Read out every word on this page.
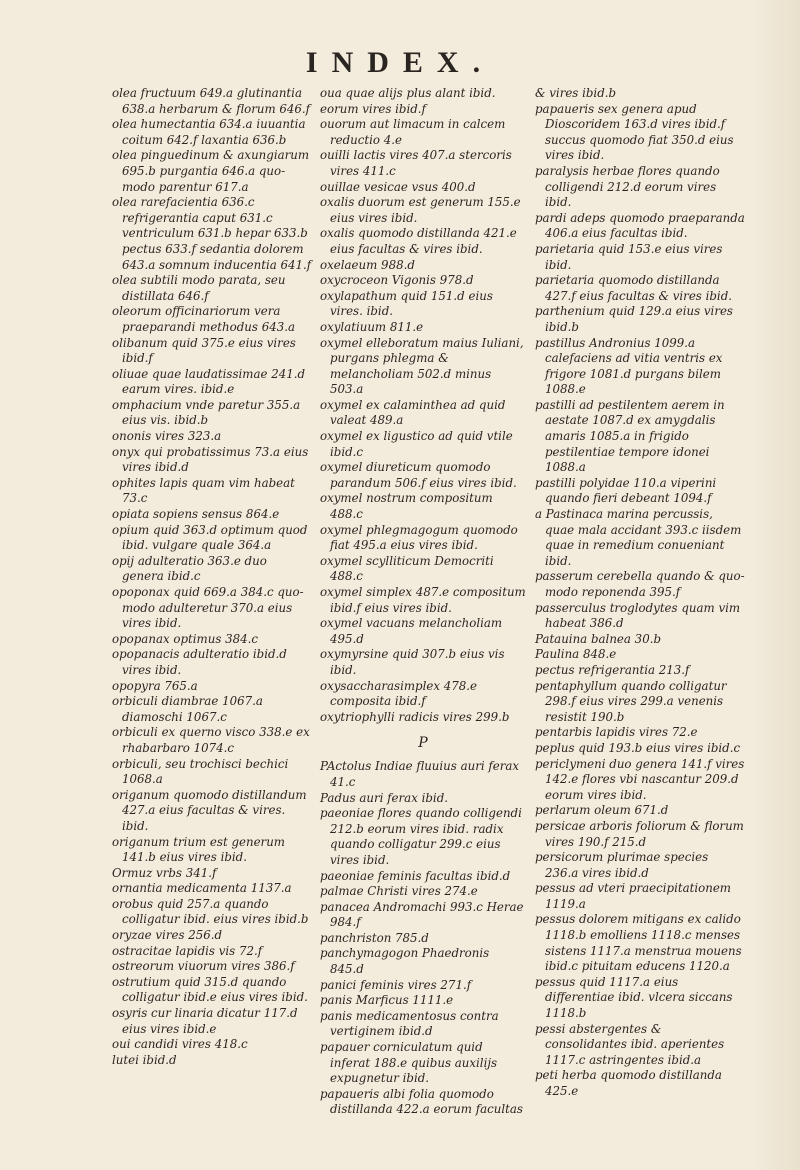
INDEX.
olea fructuum 649.a glutinantia 638.a herbarum & florum 646.f
olea humectantia 634.a iuuantia coitum 642.f laxantia 636.b
olea pinguedinum & axungiarum 695.b purgantia 646.a quo-modo parentur 617.a
olea rarefacientia 636.c refrigerantia caput 631.c ventriculum 631.b hepar 633.b pectus 633.f sedantia dolorem 643.a somnum inducentia 641.f
olea subtili modo parata, seu distillata 646.f
oleorum officinariorum vera praeparandi methodus 643.a
olibanum quid 375.e eius vires ibid.f
oliuae quae laudatissimae 241.d earum vires. ibid.e
omphacium vnde paretur 355.a eius vis. ibid.b
ononis vires 323.a
onyx qui probatissimus 73.a eius vires ibid.d
ophites lapis quam vim habeat 73.c
opiata sopiens sensus 864.e
opium quid 363.d optimum quod ibid. vulgare quale 364.a
opij adulteratio 363.e duo genera ibid.c
opoponax quid 669.a 384.c quo-modo adulteretur 370.a eius vires ibid.
opopanax optimus 384.c
opopanacis adulteratio ibid.d vires ibid.
opopyra 765.a
orbiculi diambrae 1067.a diamoschi 1067.c
orbiculi ex querno visco 338.e ex rhabarbaro 1074.c
orbiculi, seu trochisci bechici 1068.a
origanum quomodo distillandum 427.a eius facultas & vires. ibid.
origanum trium est generum 141.b eius vires ibid.
Ormuz vrbs 341.f
ornantia medicamenta 1137.a
orobus quid 257.a quando colligatur ibid. eius vires ibid.b
oryzae vires 256.d
ostracitae lapidis vis 72.f
ostreorum viuorum vires 386.f
ostrutium quid 315.d quando colligatur ibid.e eius vires ibid.
osyris cur linaria dicatur 117.d eius vires ibid.e
oui candidi vires 418.c
lutei ibid.d
oua quae alijs plus alant ibid.
eorum vires ibid.f
ouorum aut limacum in calcem reductio 4.e
ouilli lactis vires 407.a stercoris vires 411.c
ouillae vesicae vsus 400.d
oxalis duorum est generum 155.e eius vires ibid.
oxalis quomodo distillanda 421.e eius facultas & vires ibid.
oxelaeum 988.d
oxycroceon Vigonis 978.d
oxylapathum quid 151.d eius vires. ibid.
oxylatiuum 811.e
oxymel elleboratum maius Iuliani, purgans phlegma & melancholiam 502.d minus 503.a
oxymel ex calaminthea ad quid valeat 489.a
oxymel ex ligustico ad quid vtile ibid.c
oxymel diureticum quomodo parandum 506.f eius vires ibid.
oxymel nostrum compositum 488.c
oxymel phlegmagogum quomodo fiat 495.a eius vires ibid.
oxymel scylliticum Democriti 488.c
oxymel simplex 487.e compositum ibid.f eius vires ibid.
oxymel vacuans melancholiam 495.d
oxymyrsine quid 307.b eius vis ibid.
oxysaccharasimplex 478.e composita ibid.f
oxytriophylli radicis vires 299.b
P
PActolus Indiae fluuius auri ferax 41.c
Padus auri ferax ibid.
paeoniae flores quando colligendi 212.b eorum vires ibid. radix quando colligatur 299.c eius vires ibid.
paeoniae feminis facultas ibid.d
palmae Christi vires 274.e
panacea Andromachi 993.c Herae 984.f
panchriston 785.d
panchymagogon Phaedronis 845.d
panici feminis vires 271.f
panis Marficus 1111.e
panis medicamentosus contra vertiginem ibid.d
papauer corniculatum quid inferat 188.e quibus auxilijs expugnetur ibid.
papaueris albi folia quomodo distillanda 422.a eorum facultas
& vires ibid.b
papaueris sex genera apud Dioscoridem 163.d vires ibid.f succus quomodo fiat 350.d eius vires ibid.
paralysis herbae flores quando colligendi 212.d eorum vires ibid.
pardi adeps quomodo praeparanda 406.a eius facultas ibid.
parietaria quid 153.e eius vires ibid.
parietaria quomodo distillanda 427.f eius facultas & vires ibid.
parthenium quid 129.a eius vires ibid.b
pastillus Andronius 1099.a calefaciens ad vitia ventris ex frigore 1081.d purgans bilem 1088.e
pastilli ad pestilentem aerem in aestate 1087.d ex amygdalis amaris 1085.a in frigido pestilentiae tempore idonei 1088.a
pastilli polyidae 110.a viperini quando fieri debeant 1094.f
a Pastinaca marina percussis, quae mala accidant 393.c iisdem quae in remedium conueniant ibid.
passerum cerebella quando & quo-modo reponenda 395.f
passerculus troglodytes quam vim habeat 386.d
Patauina balnea 30.b
Paulina 848.e
pectus refrigerantia 213.f
pentaphyllum quando colligatur 298.f eius vires 299.a venenis resistit 190.b
pentarbis lapidis vires 72.e
peplus quid 193.b eius vires ibid.c
periclymeni duo genera 141.f vires 142.e flores vbi nascantur 209.d eorum vires ibid.
perlarum oleum 671.d
persicae arboris foliorum & florum vires 190.f 215.d
persicorum plurimae species 236.a vires ibid.d
pessus ad vteri praecipitationem 1119.a
pessus dolorem mitigans ex calido 1118.b emolliens 1118.c menses sistens 1117.a menstrua mouens ibid.c pituitam educens 1120.a
pessus quid 1117.a eius differentiae ibid. vlcera siccans 1118.b
pessi abstergentes & consolidantes ibid. aperientes 1117.c astringentes ibid.a
peti herba quomodo distillanda 425.e
